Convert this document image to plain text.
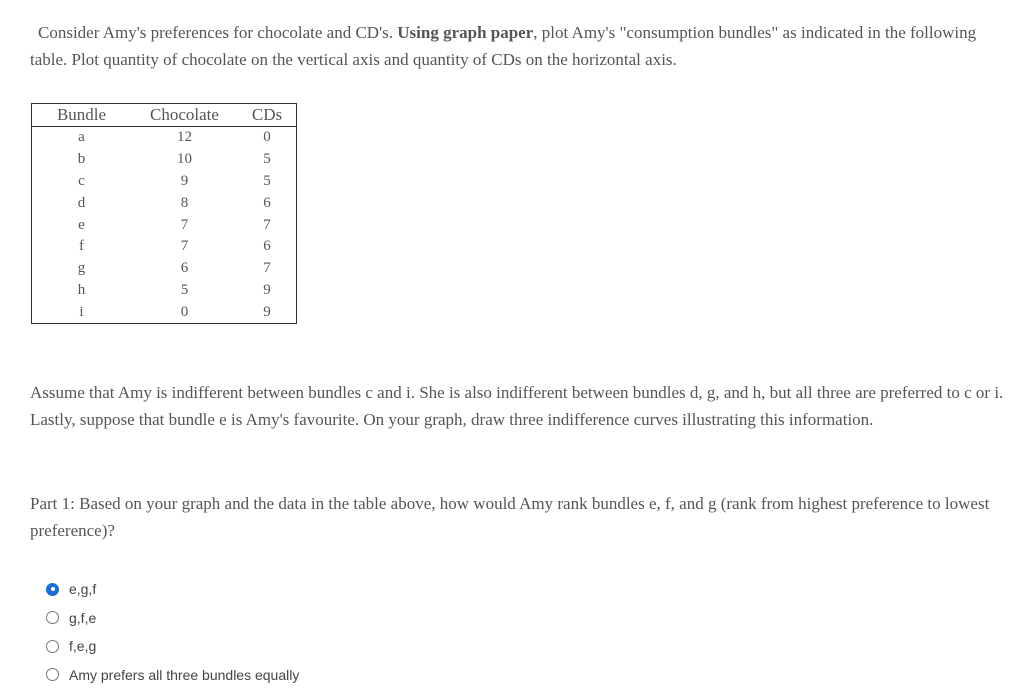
Consider Amy's preferences for chocolate and CD's. Using graph paper, plot Amy's "consumption bundles" as indicated in the following table. Plot quantity of chocolate on the vertical axis and quantity of CDs on the horizontal axis.

Bundle	Chocolate	CDs
a	12	0
b	10	5
c	9	5
d	8	6
e	7	7
f	7	6
g	6	7
h	5	9
i	0	9

Assume that Amy is indifferent between bundles c and i. She is also indifferent between bundles d, g, and h, but all three are preferred to c or i. Lastly, suppose that bundle e is Amy's favourite. On your graph, draw three indifference curves illustrating this information.

Part 1: Based on your graph and the data in the table above, how would Amy rank bundles e, f, and g (rank from highest preference to lowest preference)?

e,g,f
g,f,e
f,e,g
Amy prefers all three bundles equally
